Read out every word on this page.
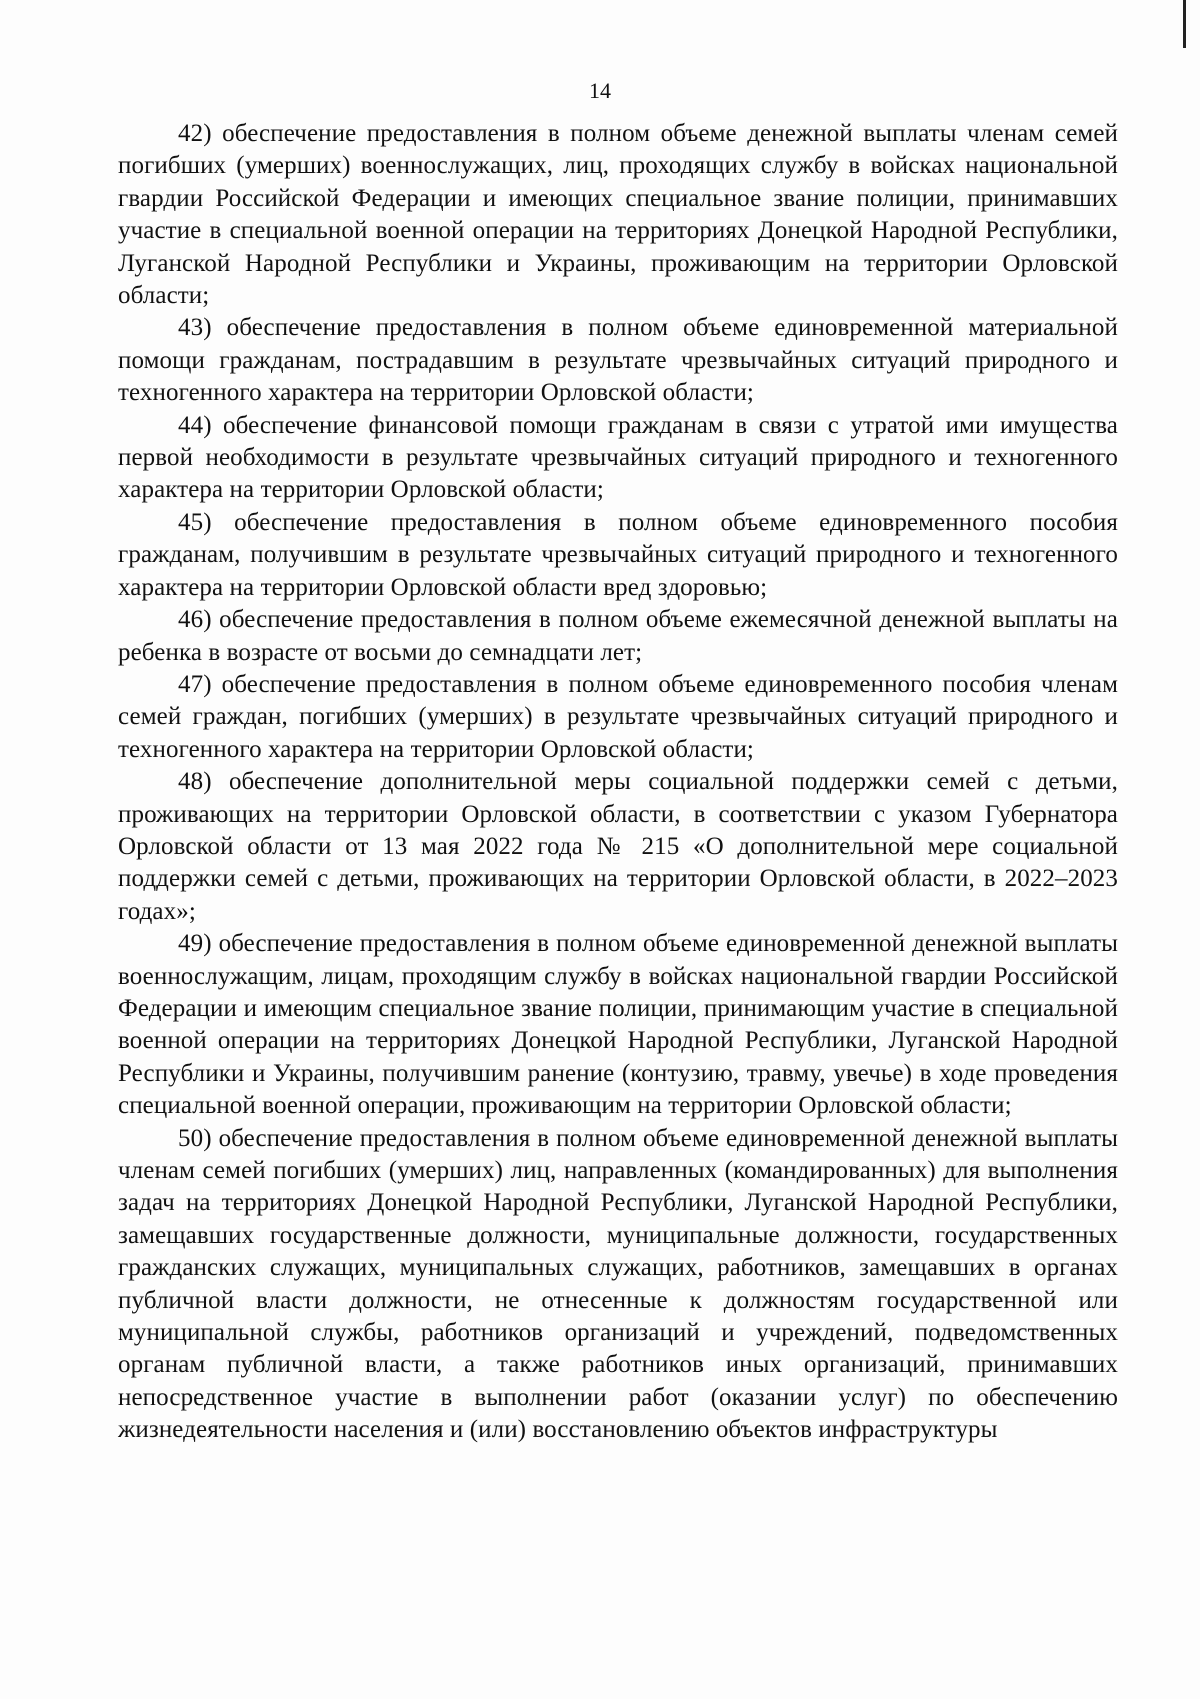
14

42) обеспечение предоставления в полном объеме денежной выплаты членам семей погибших (умерших) военнослужащих, лиц, проходящих службу в войсках национальной гвардии Российской Федерации и имеющих специальное звание полиции, принимавших участие в специальной военной операции на территориях Донецкой Народной Республики, Луганской Народной Республики и Украины, проживающим на территории Орловской области;

43) обеспечение предоставления в полном объеме единовременной материальной помощи гражданам, пострадавшим в результате чрезвычайных ситуаций природного и техногенного характера на территории Орловской области;

44) обеспечение финансовой помощи гражданам в связи с утратой ими имущества первой необходимости в результате чрезвычайных ситуаций природного и техногенного характера на территории Орловской области;

45) обеспечение предоставления в полном объеме единовременного пособия гражданам, получившим в результате чрезвычайных ситуаций природного и техногенного характера на территории Орловской области вред здоровью;

46) обеспечение предоставления в полном объеме ежемесячной денежной выплаты на ребенка в возрасте от восьми до семнадцати лет;

47) обеспечение предоставления в полном объеме единовременного пособия членам семей граждан, погибших (умерших) в результате чрезвычайных ситуаций природного и техногенного характера на территории Орловской области;

48) обеспечение дополнительной меры социальной поддержки семей с детьми, проживающих на территории Орловской области, в соответствии с указом Губернатора Орловской области от 13 мая 2022 года № 215 «О дополнительной мере социальной поддержки семей с детьми, проживающих на территории Орловской области, в 2022–2023 годах»;

49) обеспечение предоставления в полном объеме единовременной денежной выплаты военнослужащим, лицам, проходящим службу в войсках национальной гвардии Российской Федерации и имеющим специальное звание полиции, принимающим участие в специальной военной операции на территориях Донецкой Народной Республики, Луганской Народной Республики и Украины, получившим ранение (контузию, травму, увечье) в ходе проведения специальной военной операции, проживающим на территории Орловской области;

50) обеспечение предоставления в полном объеме единовременной денежной выплаты членам семей погибших (умерших) лиц, направленных (командированных) для выполнения задач на территориях Донецкой Народной Республики, Луганской Народной Республики, замещавших государственные должности, муниципальные должности, государственных гражданских служащих, муниципальных служащих, работников, замещавших в органах публичной власти должности, не отнесенные к должностям государственной или муниципальной службы, работников организаций и учреждений, подведомственных органам публичной власти, а также работников иных организаций, принимавших непосредственное участие в выполнении работ (оказании услуг) по обеспечению жизнедеятельности населения и (или) восстановлению объектов инфраструктуры
